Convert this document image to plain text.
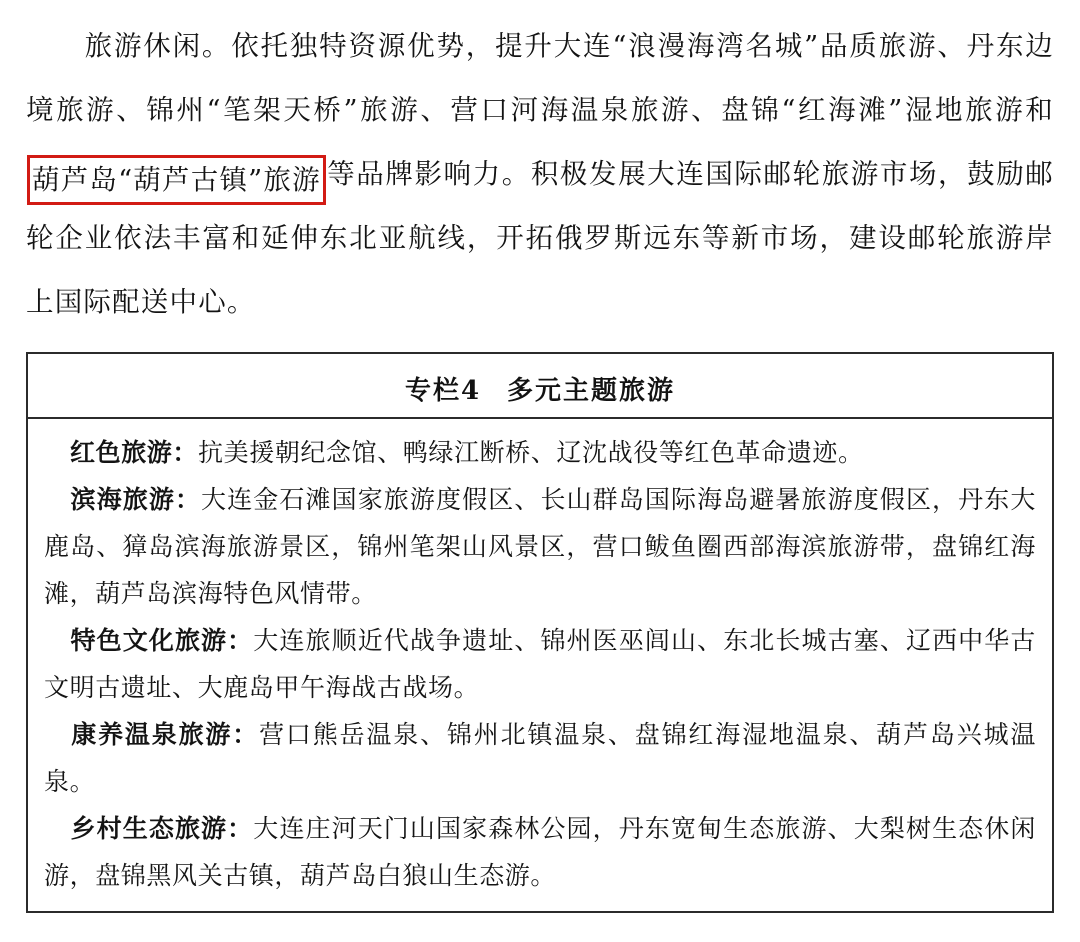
旅游休闲。依托独特资源优势，提升大连“浪漫海湾名城”品质旅游、丹东边境旅游、锦州“笔架天桥”旅游、营口河海温泉旅游、盘锦“红海滩”湿地旅游和葫芦岛“葫芦古镇”旅游 等品牌影响力。积极发展大连国际邮轮旅游市场，鼓励邮轮企业依法丰富和延伸东北亚航线，开拓俄罗斯远东等新市场，建设邮轮旅游岸上国际配送中心。

专栏4 多元主题旅游

红色旅游：抗美援朝纪念馆、鸭绿江断桥、辽沈战役等红色革命遗迹。

滨海旅游：大连金石滩国家旅游度假区、长山群岛国际海岛避暑旅游度假区，丹东大鹿岛、獐岛滨海旅游景区，锦州笔架山风景区，营口鲅鱼圈西部海滨旅游带，盘锦红海滩，葫芦岛滨海特色风情带。

特色文化旅游：大连旅顺近代战争遗址、锦州医巫闾山、东北长城古塞、辽西中华古文明古遗址、大鹿岛甲午海战古战场。

康养温泉旅游：营口熊岳温泉、锦州北镇温泉、盘锦红海湿地温泉、葫芦岛兴城温泉。

乡村生态旅游：大连庄河天门山国家森林公园，丹东宽甸生态旅游、大梨树生态休闲游，盘锦黑风关古镇，葫芦岛白狼山生态游。
